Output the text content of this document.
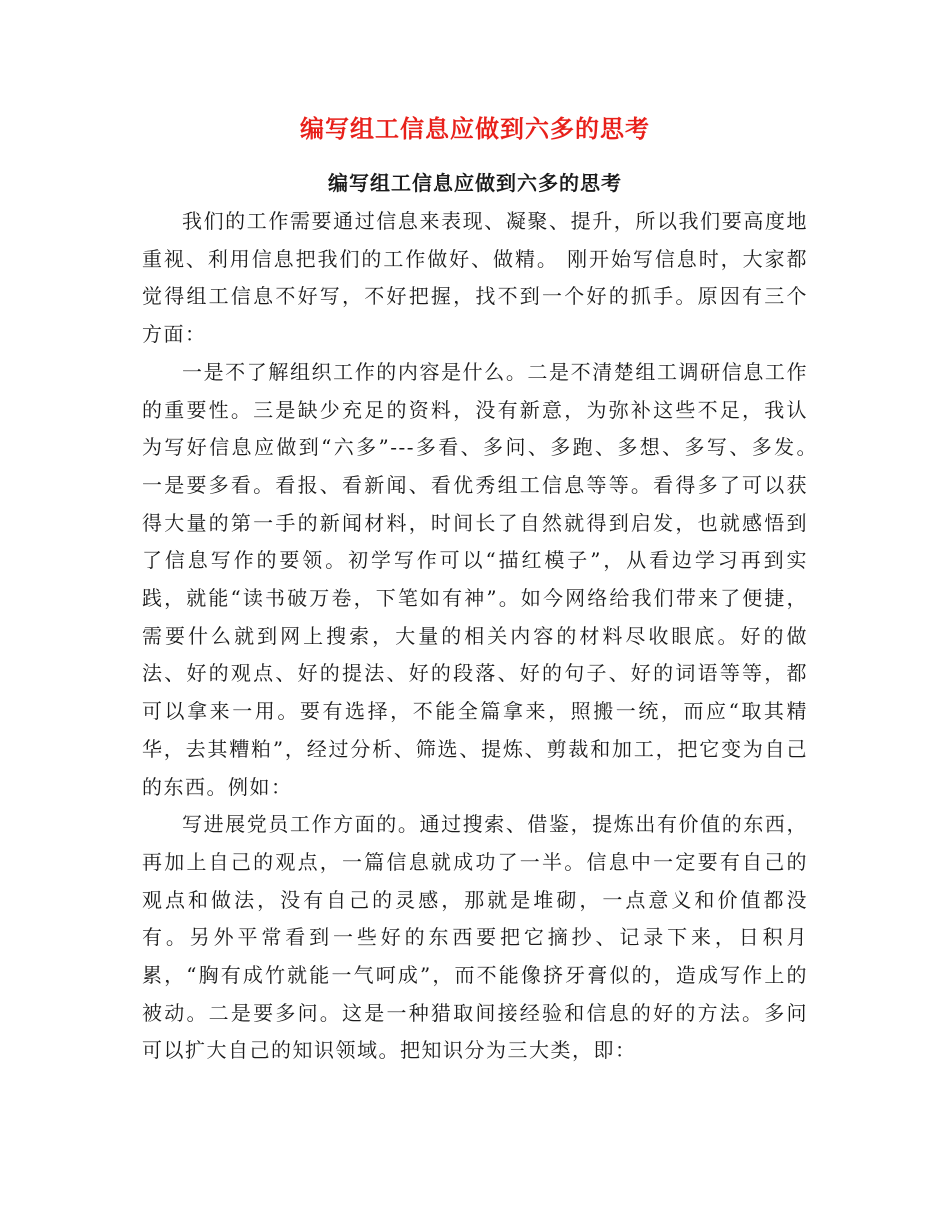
编写组工信息应做到六多的思考
编写组工信息应做到六多的思考

我们的工作需要通过信息来表现、凝聚、提升，所以我们要高度地重视、利用信息把我们的工作做好、做精。 刚开始写信息时，大家都觉得组工信息不好写，不好把握，找不到一个好的抓手。原因有三个方面：

一是不了解组织工作的内容是什么。二是不清楚组工调研信息工作的重要性。三是缺少充足的资料，没有新意，为弥补这些不足，我认为写好信息应做到“六多”---多看、多问、多跑、多想、多写、多发。　一是要多看。看报、看新闻、看优秀组工信息等等。看得多了可以获得大量的第一手的新闻材料，时间长了自然就得到启发，也就感悟到了信息写作的要领。初学写作可以“描红模子”，从看边学习再到实践，就能“读书破万卷，下笔如有神”。如今网络给我们带来了便捷，需要什么就到网上搜索，大量的相关内容的材料尽收眼底。好的做法、好的观点、好的提法、好的段落、好的句子、好的词语等等，都可以拿来一用。要有选择，不能全篇拿来，照搬一统，而应“取其精华，去其糟粕”，经过分析、筛选、提炼、剪裁和加工，把它变为自己的东西。例如：

写进展党员工作方面的。通过搜索、借鉴，提炼出有价值的东西，再加上自己的观点，一篇信息就成功了一半。信息中一定要有自己的观点和做法，没有自己的灵感，那就是堆砌，一点意义和价值都没有。另外平常看到一些好的东西要把它摘抄、记录下来，日积月累，“胸有成竹就能一气呵成”，而不能像挤牙膏似的，造成写作上的被动。二是要多问。这是一种猎取间接经验和信息的好的方法。多问可以扩大自己的知识领域。把知识分为三大类，即：
